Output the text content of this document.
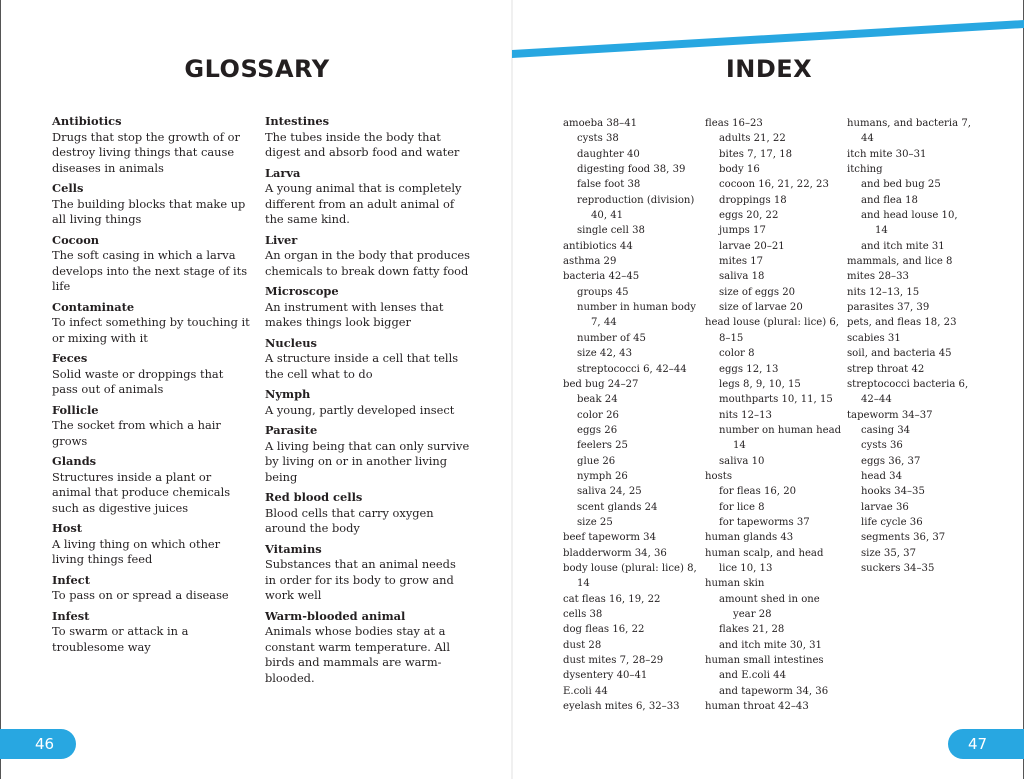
GLOSSARY	INDEX
Antibiotics
Drugs that stop the growth of or destroy living things that cause diseases in animals
Cells
The building blocks that make up all living things
Cocoon
The soft casing in which a larva develops into the next stage of its life
Contaminate
To infect something by touching it or mixing with it
Feces
Solid waste or droppings that pass out of animals
Follicle
The socket from which a hair grows
Glands
Structures inside a plant or animal that produce chemicals such as digestive juices
Host
A living thing on which other living things feed
Infect
To pass on or spread a disease
Infest
To swarm or attack in a troublesome way
Intestines
The tubes inside the body that digest and absorb food and water
Larva
A young animal that is completely different from an adult animal of the same kind.
Liver
An organ in the body that produces chemicals to break down fatty food
Microscope
An instrument with lenses that makes things look bigger
Nucleus
A structure inside a cell that tells the cell what to do
Nymph
A young, partly developed insect
Parasite
A living being that can only survive by living on or in another living being
Red blood cells
Blood cells that carry oxygen around the body
Vitamins
Substances that an animal needs in order for its body to grow and work well
Warm-blooded animal
Animals whose bodies stay at a constant warm temperature. All birds and mammals are warm-blooded.
amoeba 38–41
cysts 38
daughter 40
digesting food 38, 39
false foot 38
reproduction (division) 40, 41
single cell 38
antibiotics 44
asthma 29
bacteria 42–45
groups 45
number in human body 7, 44
number of 45
size 42, 43
streptococci 6, 42–44
bed bug 24–27
beak 24
color 26
eggs 26
feelers 25
glue 26
nymph 26
saliva 24, 25
scent glands 24
size 25
beef tapeworm 34
bladderworm 34, 36
body louse (plural: lice) 8, 14
cat fleas 16, 19, 22
cells 38
dog fleas 16, 22
dust 28
dust mites 7, 28–29
dysentery 40–41
E.coli 44
eyelash mites 6, 32–33
fleas 16–23
adults 21, 22
bites 7, 17, 18
body 16
cocoon 16, 21, 22, 23
droppings 18
eggs 20, 22
jumps 17
larvae 20–21
mites 17
saliva 18
size of eggs 20
size of larvae 20
head louse (plural: lice) 6, 8–15
color 8
eggs 12, 13
legs 8, 9, 10, 15
mouthparts 10, 11, 15
nits 12–13
number on human head 14
saliva 10
hosts
for fleas 16, 20
for lice 8
for tapeworms 37
human glands 43
human scalp, and head lice 10, 13
human skin
amount shed in one year 28
flakes 21, 28
and itch mite 30, 31
human small intestines
and E.coli 44
and tapeworm 34, 36
human throat 42–43
humans, and bacteria 7, 44
itch mite 30–31
itching
and bed bug 25
and flea 18
and head louse 10, 14
and itch mite 31
mammals, and lice 8
mites 28–33
nits 12–13, 15
parasites 37, 39
pets, and fleas 18, 23
scabies 31
soil, and bacteria 45
strep throat 42
streptococci bacteria 6, 42–44
tapeworm 34–37
casing 34
cysts 36
eggs 36, 37
head 34
hooks 34–35
larvae 36
life cycle 36
segments 36, 37
size 35, 37
suckers 34–35
46	47
